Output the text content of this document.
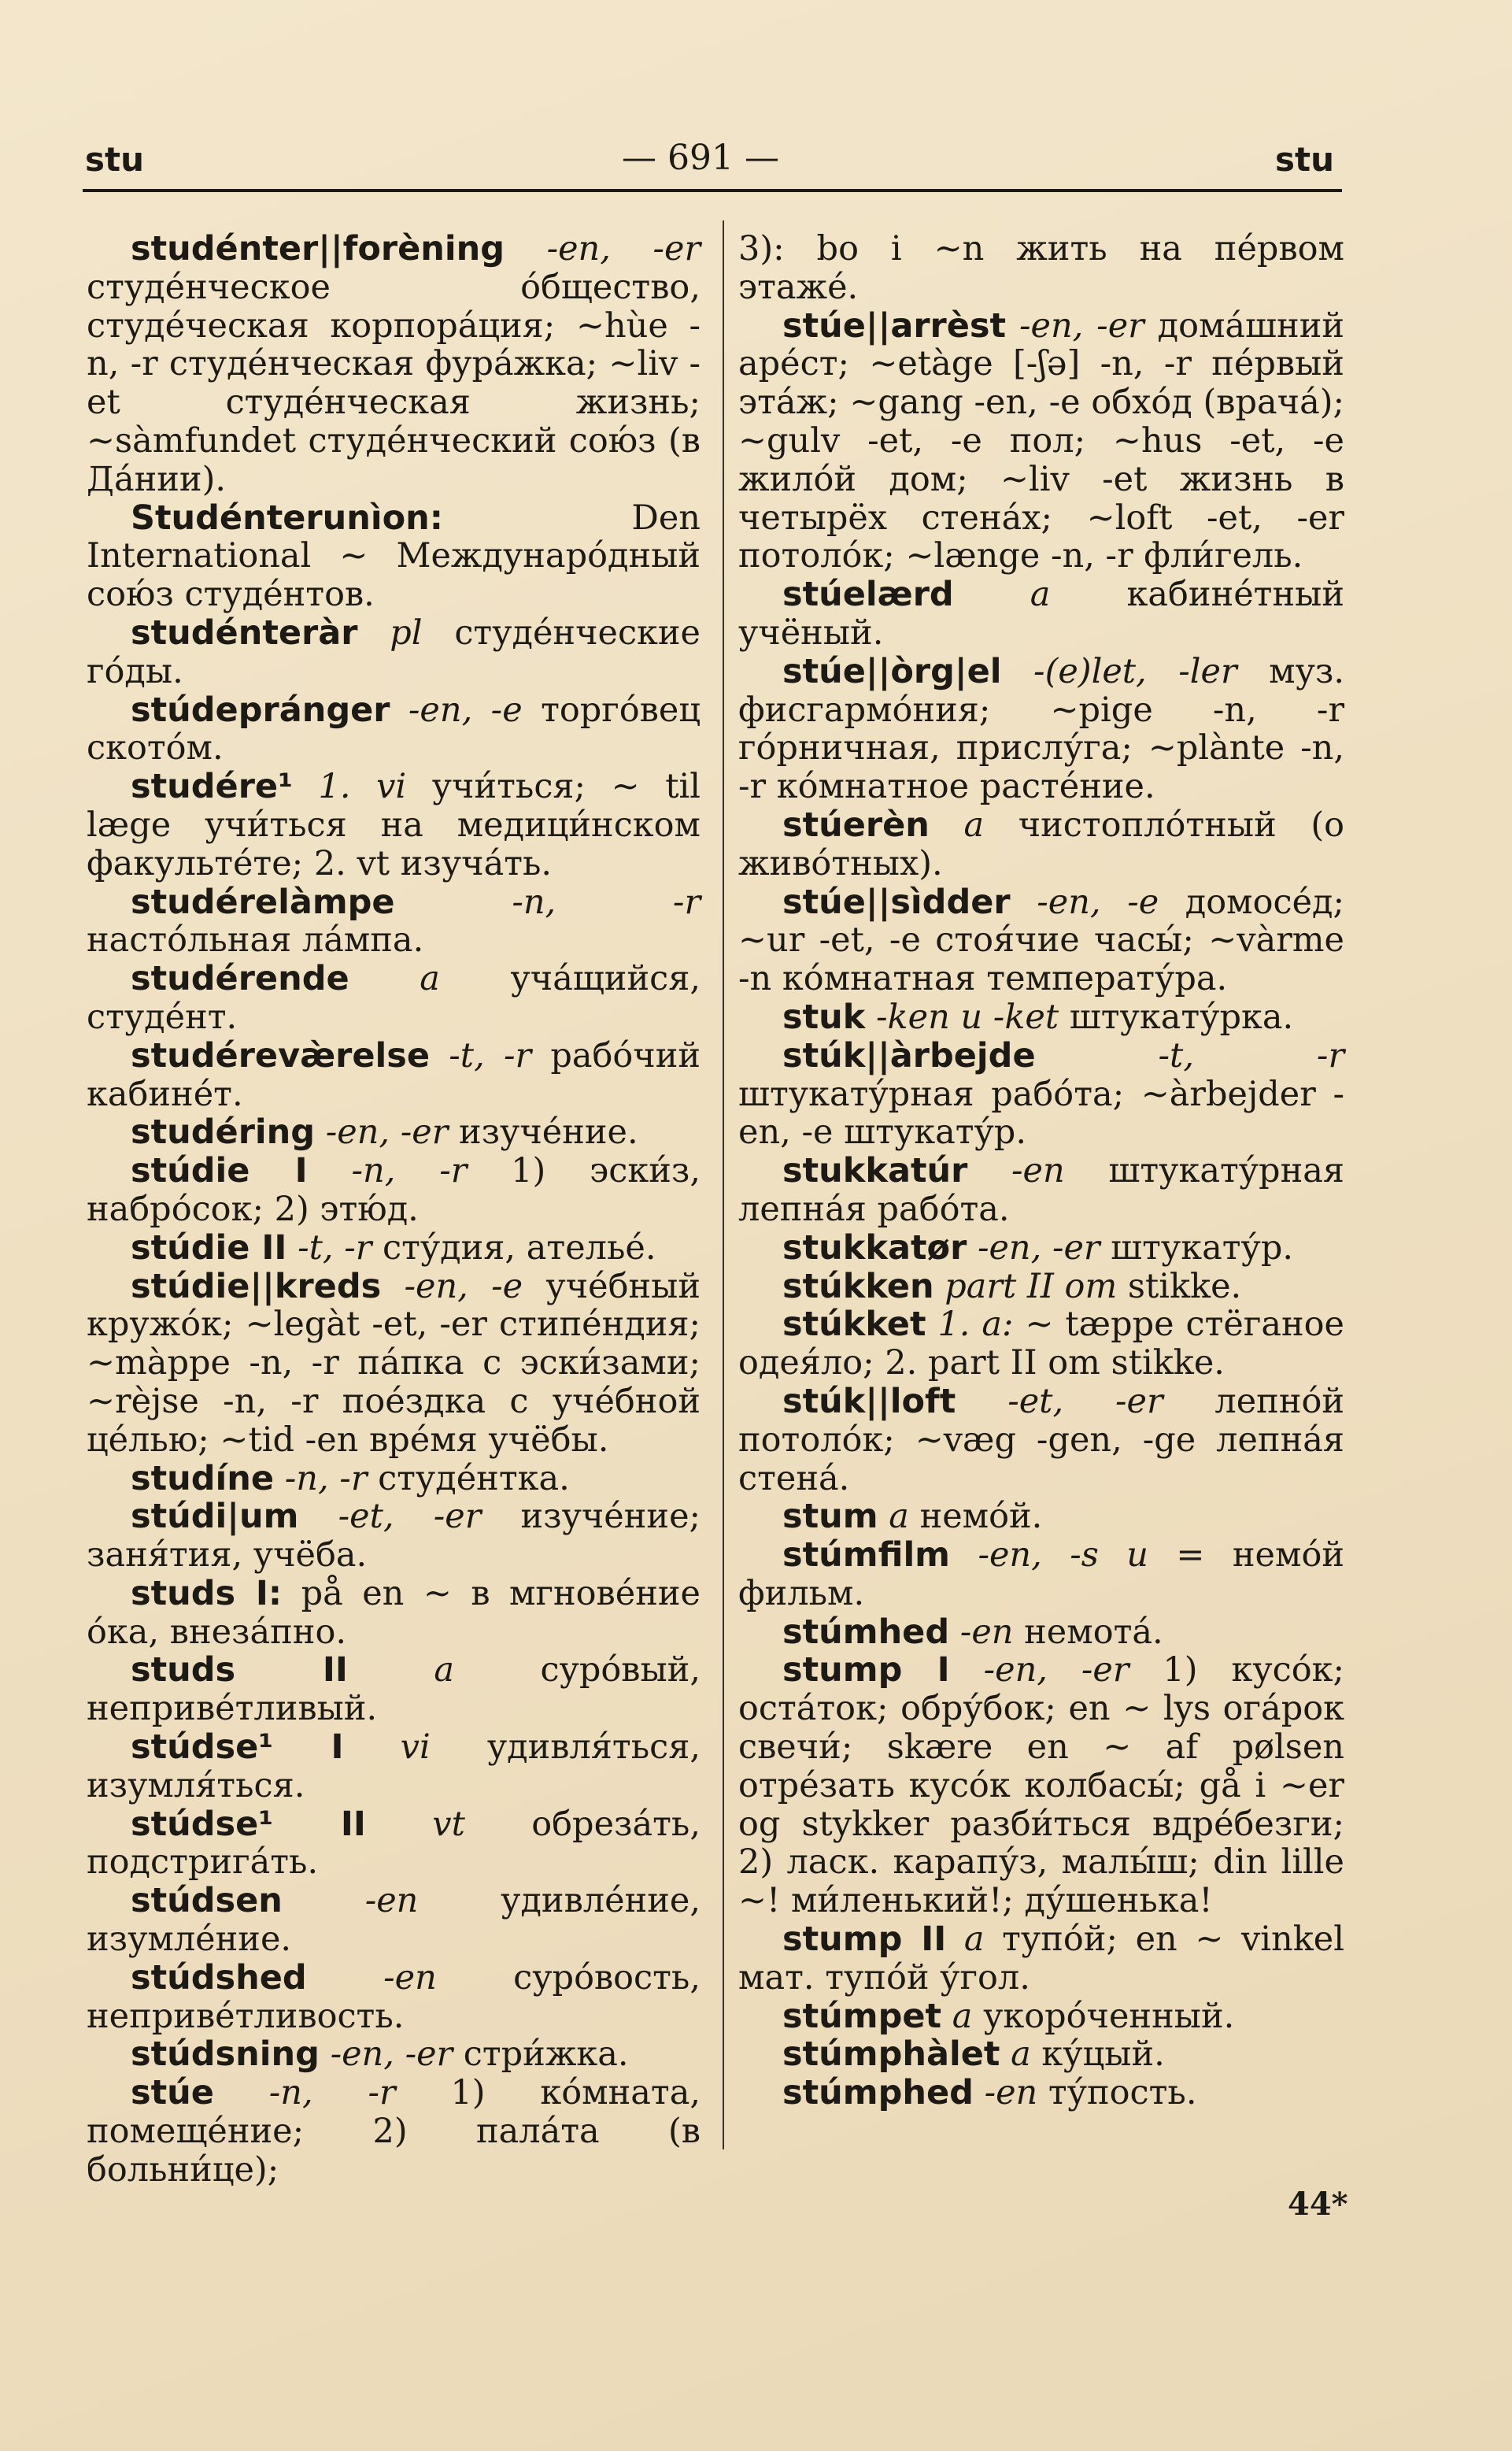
stu	— 691 —	stu

studénter||forèning -en, -er студе́нческое о́бщество, студе́ческая корпора́ция; ~hùe -n, -r студе́нческая фура́жка; ~liv -et студе́нческая жизнь; ~sàmfundet студе́нческий сою́з (в Да́нии).

Studénterunìon:	Den International ~ Междунаро́дный сою́з студе́нтов.

studénteràr pl студе́нческие го́ды.

stúdepránger -en, -e торго́вец ското́м.

studére¹ 1. vi учи́ться; ~ til læge учи́ться на медици́нском факульте́те; 2. vt изуча́ть.

studérelàmpe	-n, -r насто́льная ла́мпа.

studérende a уча́щийся, студе́нт.

studérevæ̀relse -t, -r рабо́чий кабине́т.

studéring -en, -er изуче́ние.

stúdie I -n, -r 1) эски́з, набро́сок; 2) этю́д.

stúdie II -t, -r сту́дия, ателье́.

stúdie||kreds -en, -e уче́бный кружо́к; ~legàt -et, -er стипе́ндия; ~màppe -n, -r па́пка с эски́зами; ~rèjse -n, -r пое́здка с уче́бной це́лью; ~tid -en вре́мя учёбы.

studíne -n, -r студе́нтка.

stúdi|um -et, -er изуче́ние; заня́тия, учёба.

studs I: på en ~ в мгнове́ние о́ка, внеза́пно.

studs II	a	суро́вый, неприве́тливый.

stúdse¹ I vi удивля́ться, изумля́ться.

stúdse¹ II vt обреза́ть, подстрига́ть.

stúdsen -en удивле́ние, изумле́ние.

stúdshed -en суро́вость, неприве́тливость.

stúdsning -en, -er стри́жка.

stúe -n, -r 1) ко́мната, помеще́ние; 2) пала́та (в больни́це);

3): bo i ~n жить на пе́рвом этаже́.

stúe||arrèst -en, -er дома́шний аре́ст; ~etàge [-ʃə] -n, -r пе́рвый эта́ж; ~gang -en, -e обхо́д (врача́); ~gulv -et, -e пол; ~hus -et, -e жило́й дом; ~liv -et жизнь в четырёх стена́х; ~loft -et, -er потоло́к; ~længe -n, -r фли́гель.

stúelærd a кабине́тный учёный.

stúe||òrg|el -(e)let, -ler муз. фисгармо́ния; ~pige -n, -r го́рничная, прислу́га; ~plànte -n, -r ко́мнатное расте́ние.

stúerèn a чистопло́тный (о живо́тных).

stúe||sìdder -en, -e домосе́д; ~ur -et, -e стоя́чие часы́; ~vàrme -n ко́мнатная температу́ра.

stuk -ken u -ket штукату́рка.

stúk||àrbejde	-t, -r штукату́рная рабо́та; ~àrbejder -en, -e штукату́р.

stukkatúr -en штукату́рная лепна́я рабо́та.

stukkatør -en, -er штукату́р.

stúkken part II om stikke.

stúkket 1. a: ~ tæppe стёганое одея́ло; 2. part II om stikke.

stúk||loft -et, -er лепно́й потоло́к; ~væg -gen, -ge лепна́я стена́.

stum a немо́й.

stúmfilm -en, -s u = немо́й фильм.

stúmhed -en немота́.

stump I -en, -er 1) кусо́к; оста́ток; обру́бок; en ~ lys ога́рок свечи́; skære en ~ af pølsen отре́зать кусо́к колбасы́; gå i ~er og stykker разби́ться вдре́безги; 2) ласк. карапу́з, малы́ш; din lille ~! ми́ленький!; ду́шенька!

stump II a тупо́й; en ~ vinkel мат. тупо́й у́гол.

stúmpet a укоро́ченный.

stúmphàlet a ку́цый.

stúmphed -en ту́пость.

44*
